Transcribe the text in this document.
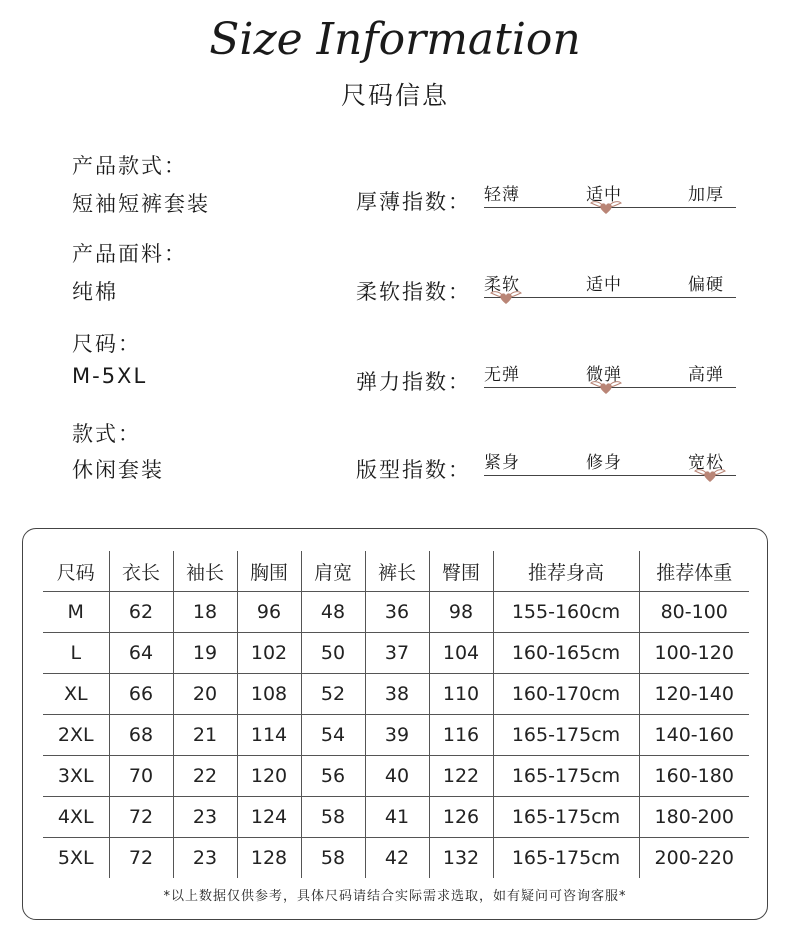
Size Information
尺码信息
产品款式：
短袖短裤套装
产品面料：
纯棉
尺码：
M-5XL
款式：
休闲套装
厚薄指数： 轻薄	适中	加厚
柔软指数： 柔软	适中	偏硬
弹力指数： 无弹	微弹	高弹
版型指数： 紧身	修身	宽松
尺码	衣长	袖长	胸围	肩宽	裤长	臀围	推荐身高	推荐体重
M	62	18	96	48	36	98	155-160cm	80-100
L	64	19	102	50	37	104	160-165cm	100-120
XL	66	20	108	52	38	110	160-170cm	120-140
2XL	68	21	114	54	39	116	165-175cm	140-160
3XL	70	22	120	56	40	122	165-175cm	160-180
4XL	72	23	124	58	41	126	165-175cm	180-200
5XL	72	23	128	58	42	132	165-175cm	200-220
*以上数据仅供参考，具体尺码请结合实际需求选取，如有疑问可咨询客服*
